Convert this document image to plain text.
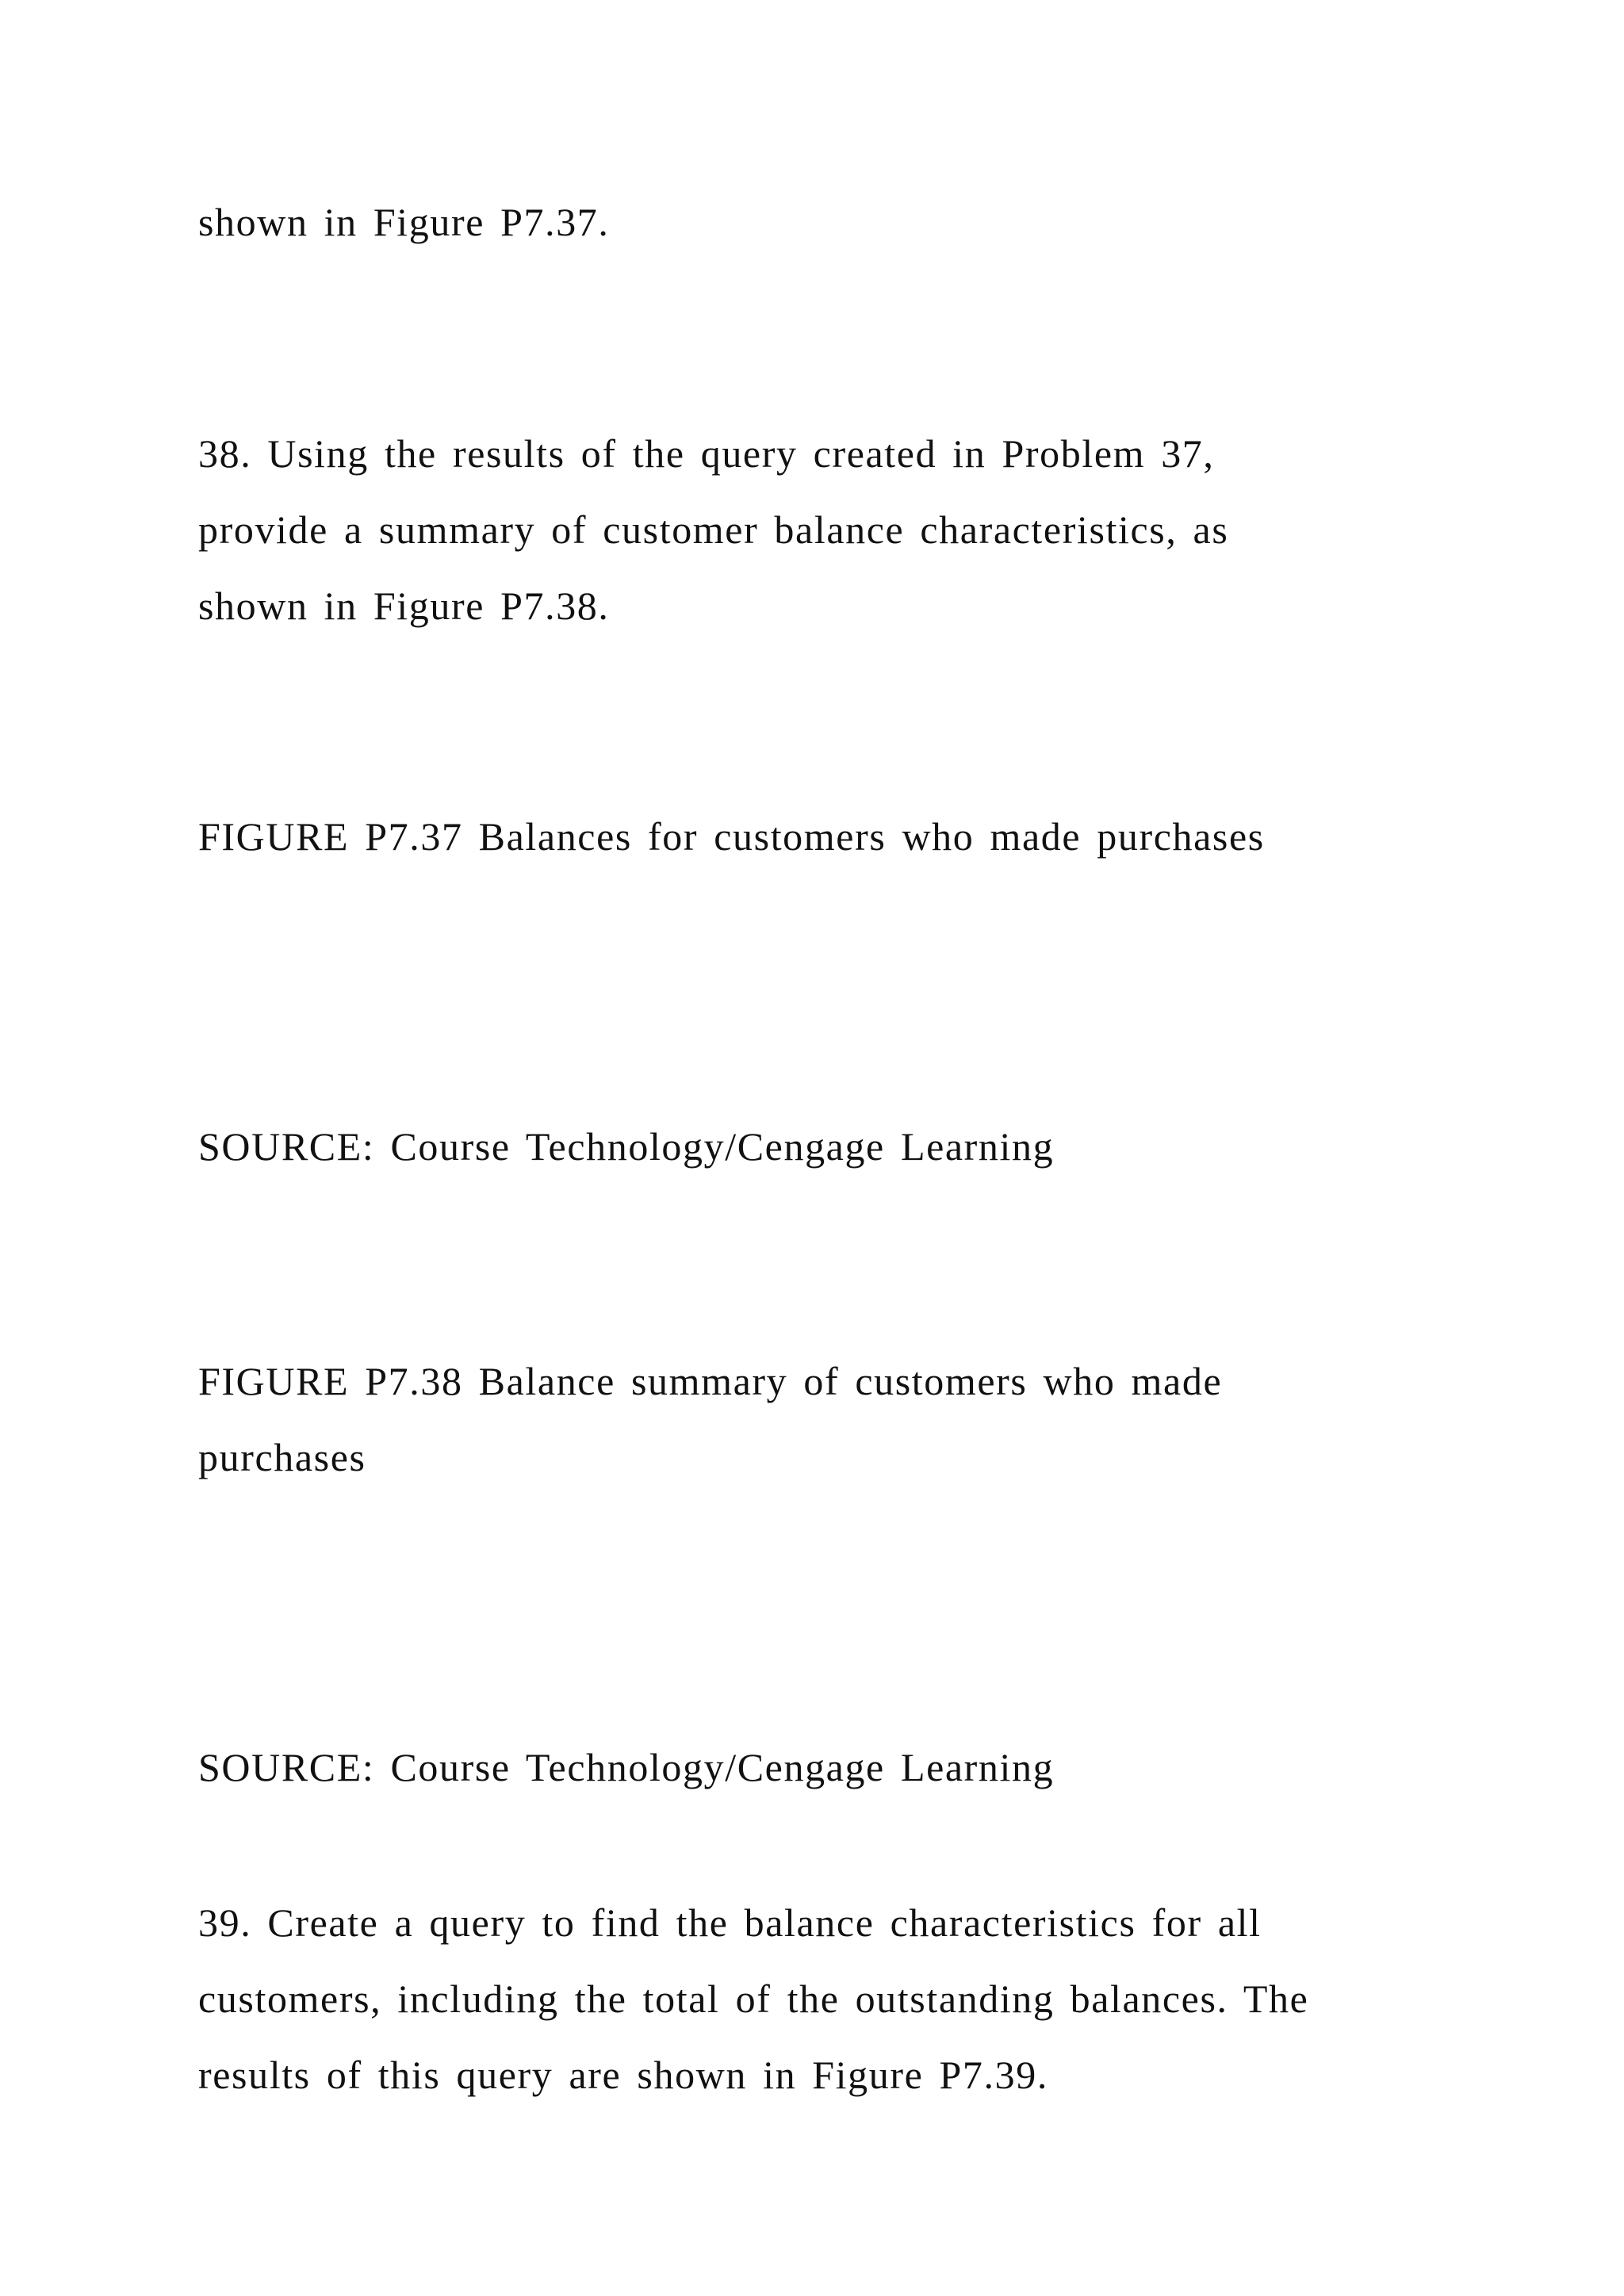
shown in Figure P7.37.
38. Using the results of the query created in Problem 37,
provide a summary of customer balance characteristics, as
shown in Figure P7.38.
FIGURE P7.37 Balances for customers who made purchases
SOURCE: Course Technology/Cengage Learning
FIGURE P7.38 Balance summary of customers who made
purchases
SOURCE: Course Technology/Cengage Learning
39. Create a query to find the balance characteristics for all
customers, including the total of the outstanding balances. The
results of this query are shown in Figure P7.39.
